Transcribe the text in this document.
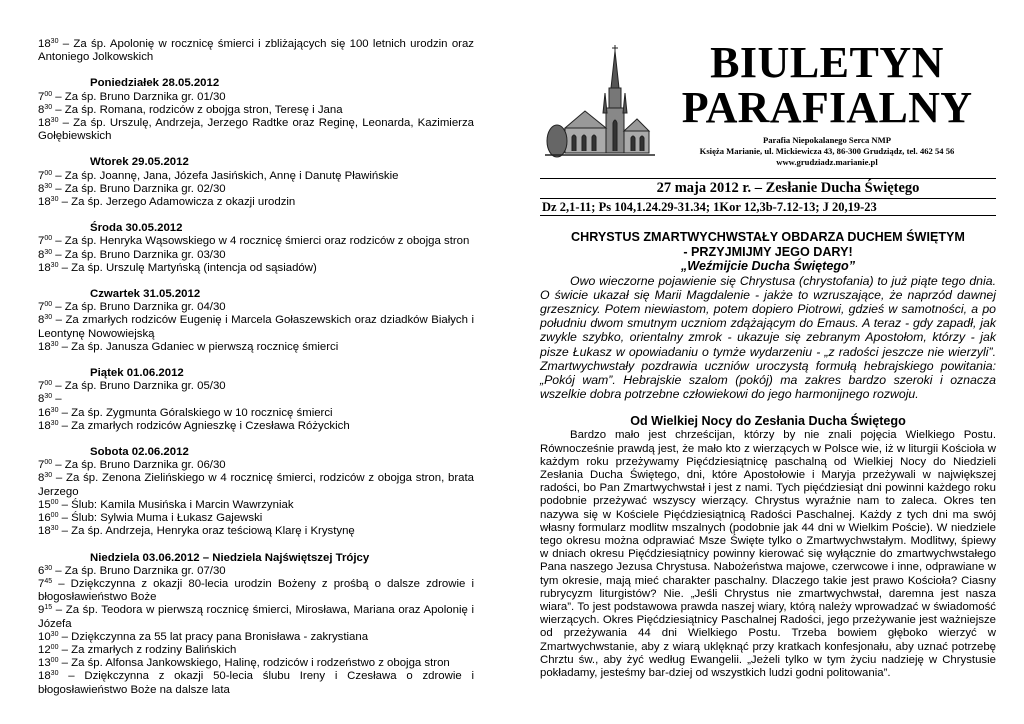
$18^{30}$ – Za śp. Apolonię w rocznicę śmierci i zbliżających się 100 letnich urodzin oraz Antoniego Jolkowskich
Poniedziałek 28.05.2012
$7^{00}$ – Za śp. Bruno Darznika gr. 01/30
$8^{30}$ – Za śp. Romana, rodziców z obojga stron, Teresę i Jana
$18^{30}$ – Za śp. Urszulę, Andrzeja, Jerzego Radtke oraz Reginę, Leonarda, Kazimierza Gołębiewskich
Wtorek 29.05.2012
$7^{00}$ – Za śp. Joannę, Jana, Józefa Jasińskich, Annę i Danutę Pławińskie
$8^{30}$ – Za śp. Bruno Darznika gr. 02/30
$18^{30}$ – Za śp. Jerzego Adamowicza z okazji urodzin
Środa 30.05.2012
$7^{00}$ – Za śp. Henryka Wąsowskiego w 4 rocznicę śmierci oraz rodziców z obojga stron
$8^{30}$ – Za śp. Bruno Darznika gr. 03/30
$18^{30}$ – Za śp. Urszulę Martyńską (intencja od sąsiadów)
Czwartek 31.05.2012
$7^{00}$ – Za śp. Bruno Darznika gr. 04/30
$8^{30}$ – Za zmarłych rodziców Eugenię i Marcela Gołaszewskich oraz dziadków Białych i Leontynę Nowowiejską
$18^{30}$ – Za śp. Janusza Gdaniec w pierwszą rocznicę śmierci
Piątek 01.06.2012
$7^{00}$ – Za śp. Bruno Darznika gr. 05/30
$8^{30}$ –
$16^{30}$ – Za śp. Zygmunta Góralskiego w 10 rocznicę śmierci
$18^{30}$ – Za zmarłych rodziców Agnieszkę i Czesława Różyckich
Sobota 02.06.2012
$7^{00}$ – Za śp. Bruno Darznika gr. 06/30
$8^{30}$ – Za śp. Zenona Zielińskiego w 4 rocznicę śmierci, rodziców z obojga stron, brata Jerzego
$15^{00}$ – Ślub: Kamila Musińska i Marcin Wawrzyniak
$16^{00}$ – Ślub: Sylwia Muma i Łukasz Gajewski
$18^{30}$ – Za śp. Andrzeja, Henryka oraz teściową Klarę i Krystynę
Niedziela 03.06.2012 – Niedziela Najświętszej Trójcy
$6^{30}$ – Za śp. Bruno Darznika gr. 07/30
$7^{45}$ – Dziękczynna z okazji 80-lecia urodzin Bożeny z prośbą o dalsze zdrowie i błogosławieństwo Boże
$9^{15}$ – Za śp. Teodora w pierwszą rocznicę śmierci, Mirosława, Mariana oraz Apolonię i Józefa
$10^{30}$ – Dziękczynna za 55 lat pracy pana Bronisława - zakrystiana
$12^{00}$ – Za zmarłych z rodziny Balińskich
$13^{00}$ – Za śp. Alfonsa Jankowskiego, Halinę, rodziców i rodzeństwo z obojga stron
$18^{30}$ – Dziękczynna z okazji 50-lecia ślubu Ireny i Czesława o zdrowie i błogosławieństwo Boże na dalsze lata
BIULETYN
PARAFIALNY
Parafia Niepokalanego Serca NMP
Księża Marianie, ul. Mickiewicza 43, 86-300 Grudziądz, tel. 462 54 56
www.grudziadz.marianie.pl
27 maja 2012 r. – Zesłanie Ducha Świętego
Dz 2,1-11; Ps 104,1.24.29-31.34; 1Kor 12,3b-7.12-13; J 20,19-23
CHRYSTUS ZMARTWYCHWSTAŁY OBDARZA DUCHEM ŚWIĘTYM
- PRZYJMIJMY JEGO DARY!
„Weźmijcie Ducha Świętego”
Owo wieczorne pojawienie się Chrystusa (chrystofania) to już piąte tego dnia. O świcie ukazał się Marii Magdalenie - jakże to wzruszające, że naprzód dawnej grzesznicy. Potem niewiastom, potem dopiero Piotrowi, gdzieś w samotności, a po południu dwom smutnym uczniom zdążającym do Emaus. A teraz - gdy zapadł, jak zwykle szybko, orientalny zmrok - ukazuje się zebranym Apostołom, którzy - jak pisze Łukasz w opowiadaniu o tymże wydarzeniu - „z radości jeszcze nie wierzyli”. Zmartwychwstały pozdrawia uczniów uroczystą formułą hebrajskiego powitania: „Pokój wam”. Hebrajskie szalom (pokój) ma zakres bardzo szeroki i oznacza wszelkie dobra potrzebne człowiekowi do jego harmonijnego rozwoju.
Od Wielkiej Nocy do Zesłania Ducha Świętego
Bardzo mało jest chrześcijan, którzy by nie znali pojęcia Wielkiego Postu. Równocześnie prawdą jest, że mało kto z wierzących w Polsce wie, iż w liturgii Kościoła w każdym roku przeżywamy Pięćdziesiątnicę paschalną od Wielkiej Nocy do Niedzieli Zesłania Ducha Świętego, dni, które Apostołowie i Maryja przeżywali w największej radości, bo Pan Zmartwychwstał i jest z nami. Tych pięćdziesiąt dni powinni każdego roku podobnie przeżywać wszyscy wierzący. Chrystus wyraźnie nam to zaleca. Okres ten nazywa się w Kościele Pięćdziesiątnicą Radości Paschalnej. Każdy z tych dni ma swój własny formularz modlitw mszalnych (podobnie jak 44 dni w Wielkim Poście). W niedziele tego okresu można odprawiać Msze Święte tylko o Zmartwychwstałym. Modlitwy, śpiewy w dniach okresu Pięćdziesiątnicy powinny kierować się wyłącznie do zmartwychwstałego Pana naszego Jezusa Chrystusa. Nabożeństwa majowe, czerwcowe i inne, odprawiane w tym okresie, mają mieć charakter paschalny. Dlaczego takie jest prawo Kościoła? Ciasny rubrycyzm liturgistów? Nie. „Jeśli Chrystus nie zmartwychwstał, daremna jest nasza wiara”. To jest podstawowa prawda naszej wiary, którą należy wprowadzać w świadomość wierzących. Okres Pięćdziesiątnicy Paschalnej Radości, jego przeżywanie jest ważniejsze od przeżywania 44 dni Wielkiego Postu. Trzeba bowiem głęboko wierzyć w Zmartwychwstanie, aby z wiarą uklęknąć przy kratkach konfesjonału, aby uznać potrzebę Chrztu św., aby żyć według Ewangelii. „Jeżeli tylko w tym życiu nadzieję w Chrystusie pokładamy, jesteśmy bar-dziej od wszystkich ludzi godni politowania”.
